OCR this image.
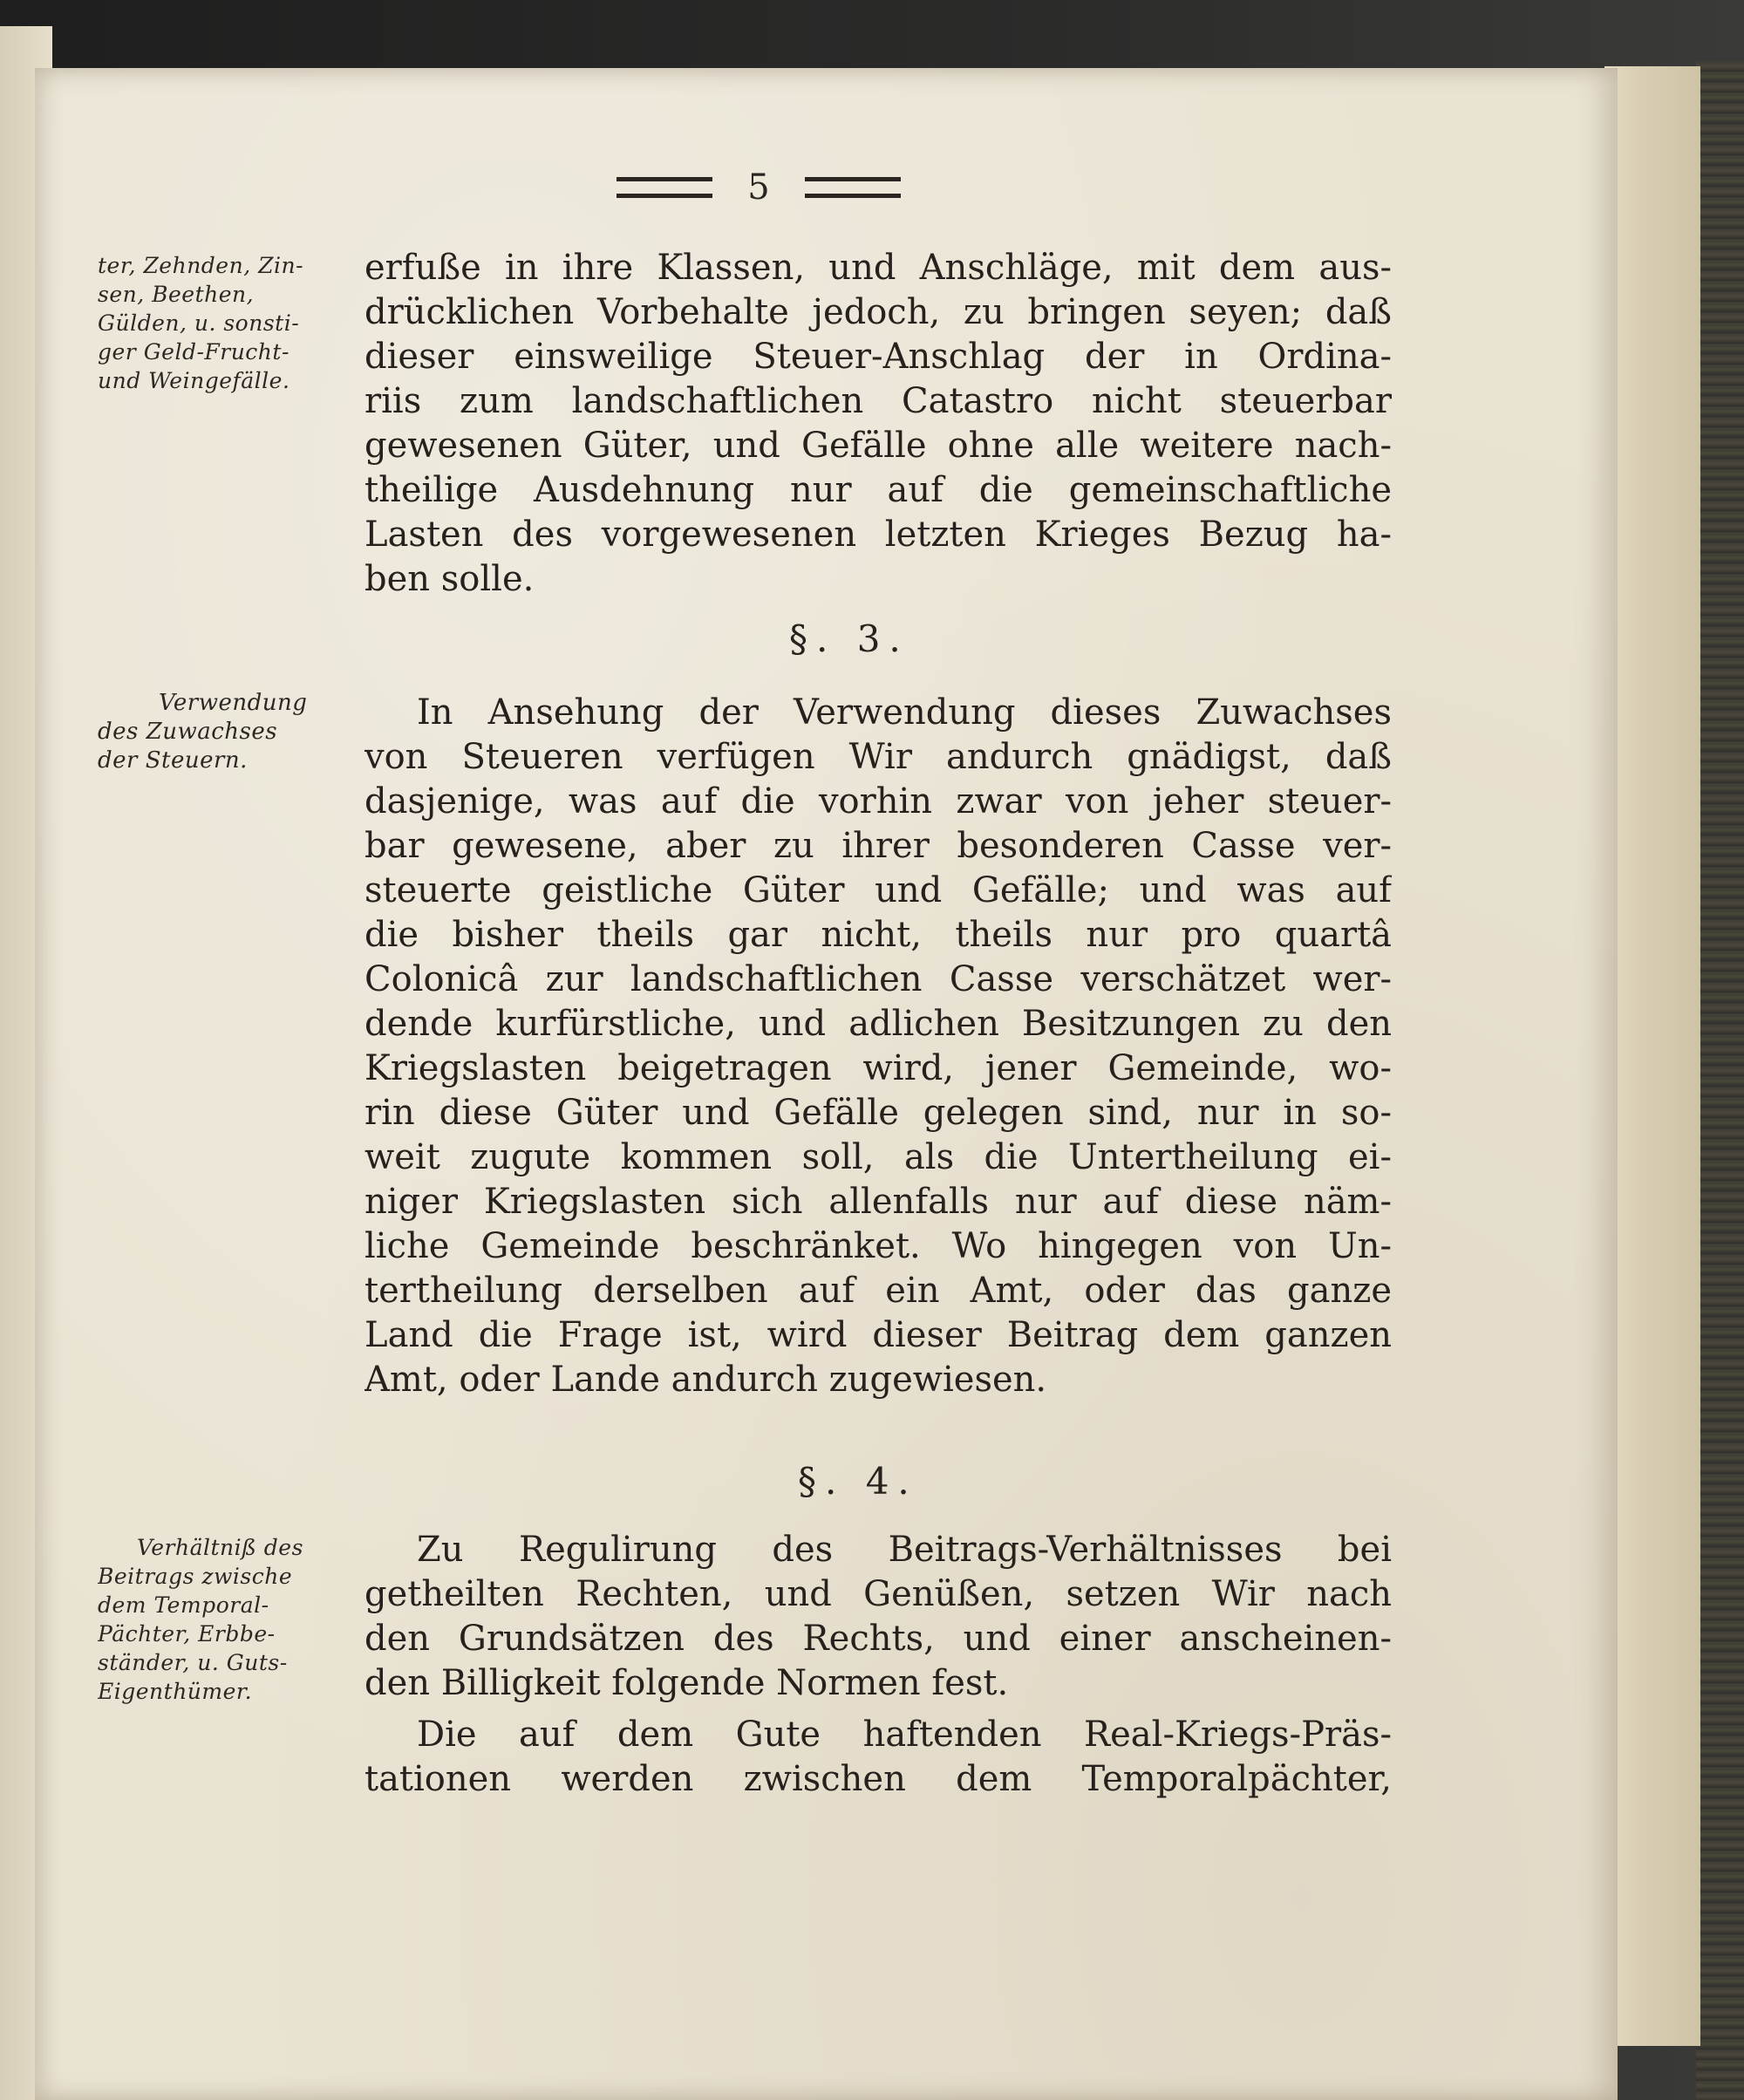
5
ter, Zehnden, Zin-
sen, Beethen,
Gülden, u. sonsti-
ger Geld-Frucht-
und Weingefälle.
erfuße in ihre Klassen, und Anschläge, mit dem aus-
drücklichen Vorbehalte jedoch, zu bringen seyen; daß
dieser einsweilige Steuer-Anschlag der in Ordina-
riis zum landschaftlichen Catastro nicht steuerbar
gewesenen Güter, und Gefälle ohne alle weitere nach-
theilige Ausdehnung nur auf die gemeinschaftliche
Lasten des vorgewesenen letzten Krieges Bezug ha-
ben solle.
§. 3.
Verwendung
des Zuwachses
der Steuern.
In Ansehung der Verwendung dieses Zuwachses
von Steueren verfügen Wir andurch gnädigst, daß
dasjenige, was auf die vorhin zwar von jeher steuer-
bar gewesene, aber zu ihrer besonderen Casse ver-
steuerte geistliche Güter und Gefälle; und was auf
die bisher theils gar nicht, theils nur pro quartâ
Colonicâ zur landschaftlichen Casse verschätzet wer-
dende kurfürstliche, und adlichen Besitzungen zu den
Kriegslasten beigetragen wird, jener Gemeinde, wo-
rin diese Güter und Gefälle gelegen sind, nur in so-
weit zugute kommen soll, als die Untertheilung ei-
niger Kriegslasten sich allenfalls nur auf diese näm-
liche Gemeinde beschränket. Wo hingegen von Un-
tertheilung derselben auf ein Amt, oder das ganze
Land die Frage ist, wird dieser Beitrag dem ganzen
Amt, oder Lande andurch zugewiesen.
§. 4.
Verhältniß des
Beitrags zwische
dem Temporal-
Pächter, Erbbe-
ständer, u. Guts-
Eigenthümer.
Zu Regulirung des Beitrags-Verhältnisses bei
getheilten Rechten, und Genüßen, setzen Wir nach
den Grundsätzen des Rechts, und einer anscheinen-
den Billigkeit folgende Normen fest.
Die auf dem Gute haftenden Real-Kriegs-Präs-
tationen werden zwischen dem Temporalpächter,
